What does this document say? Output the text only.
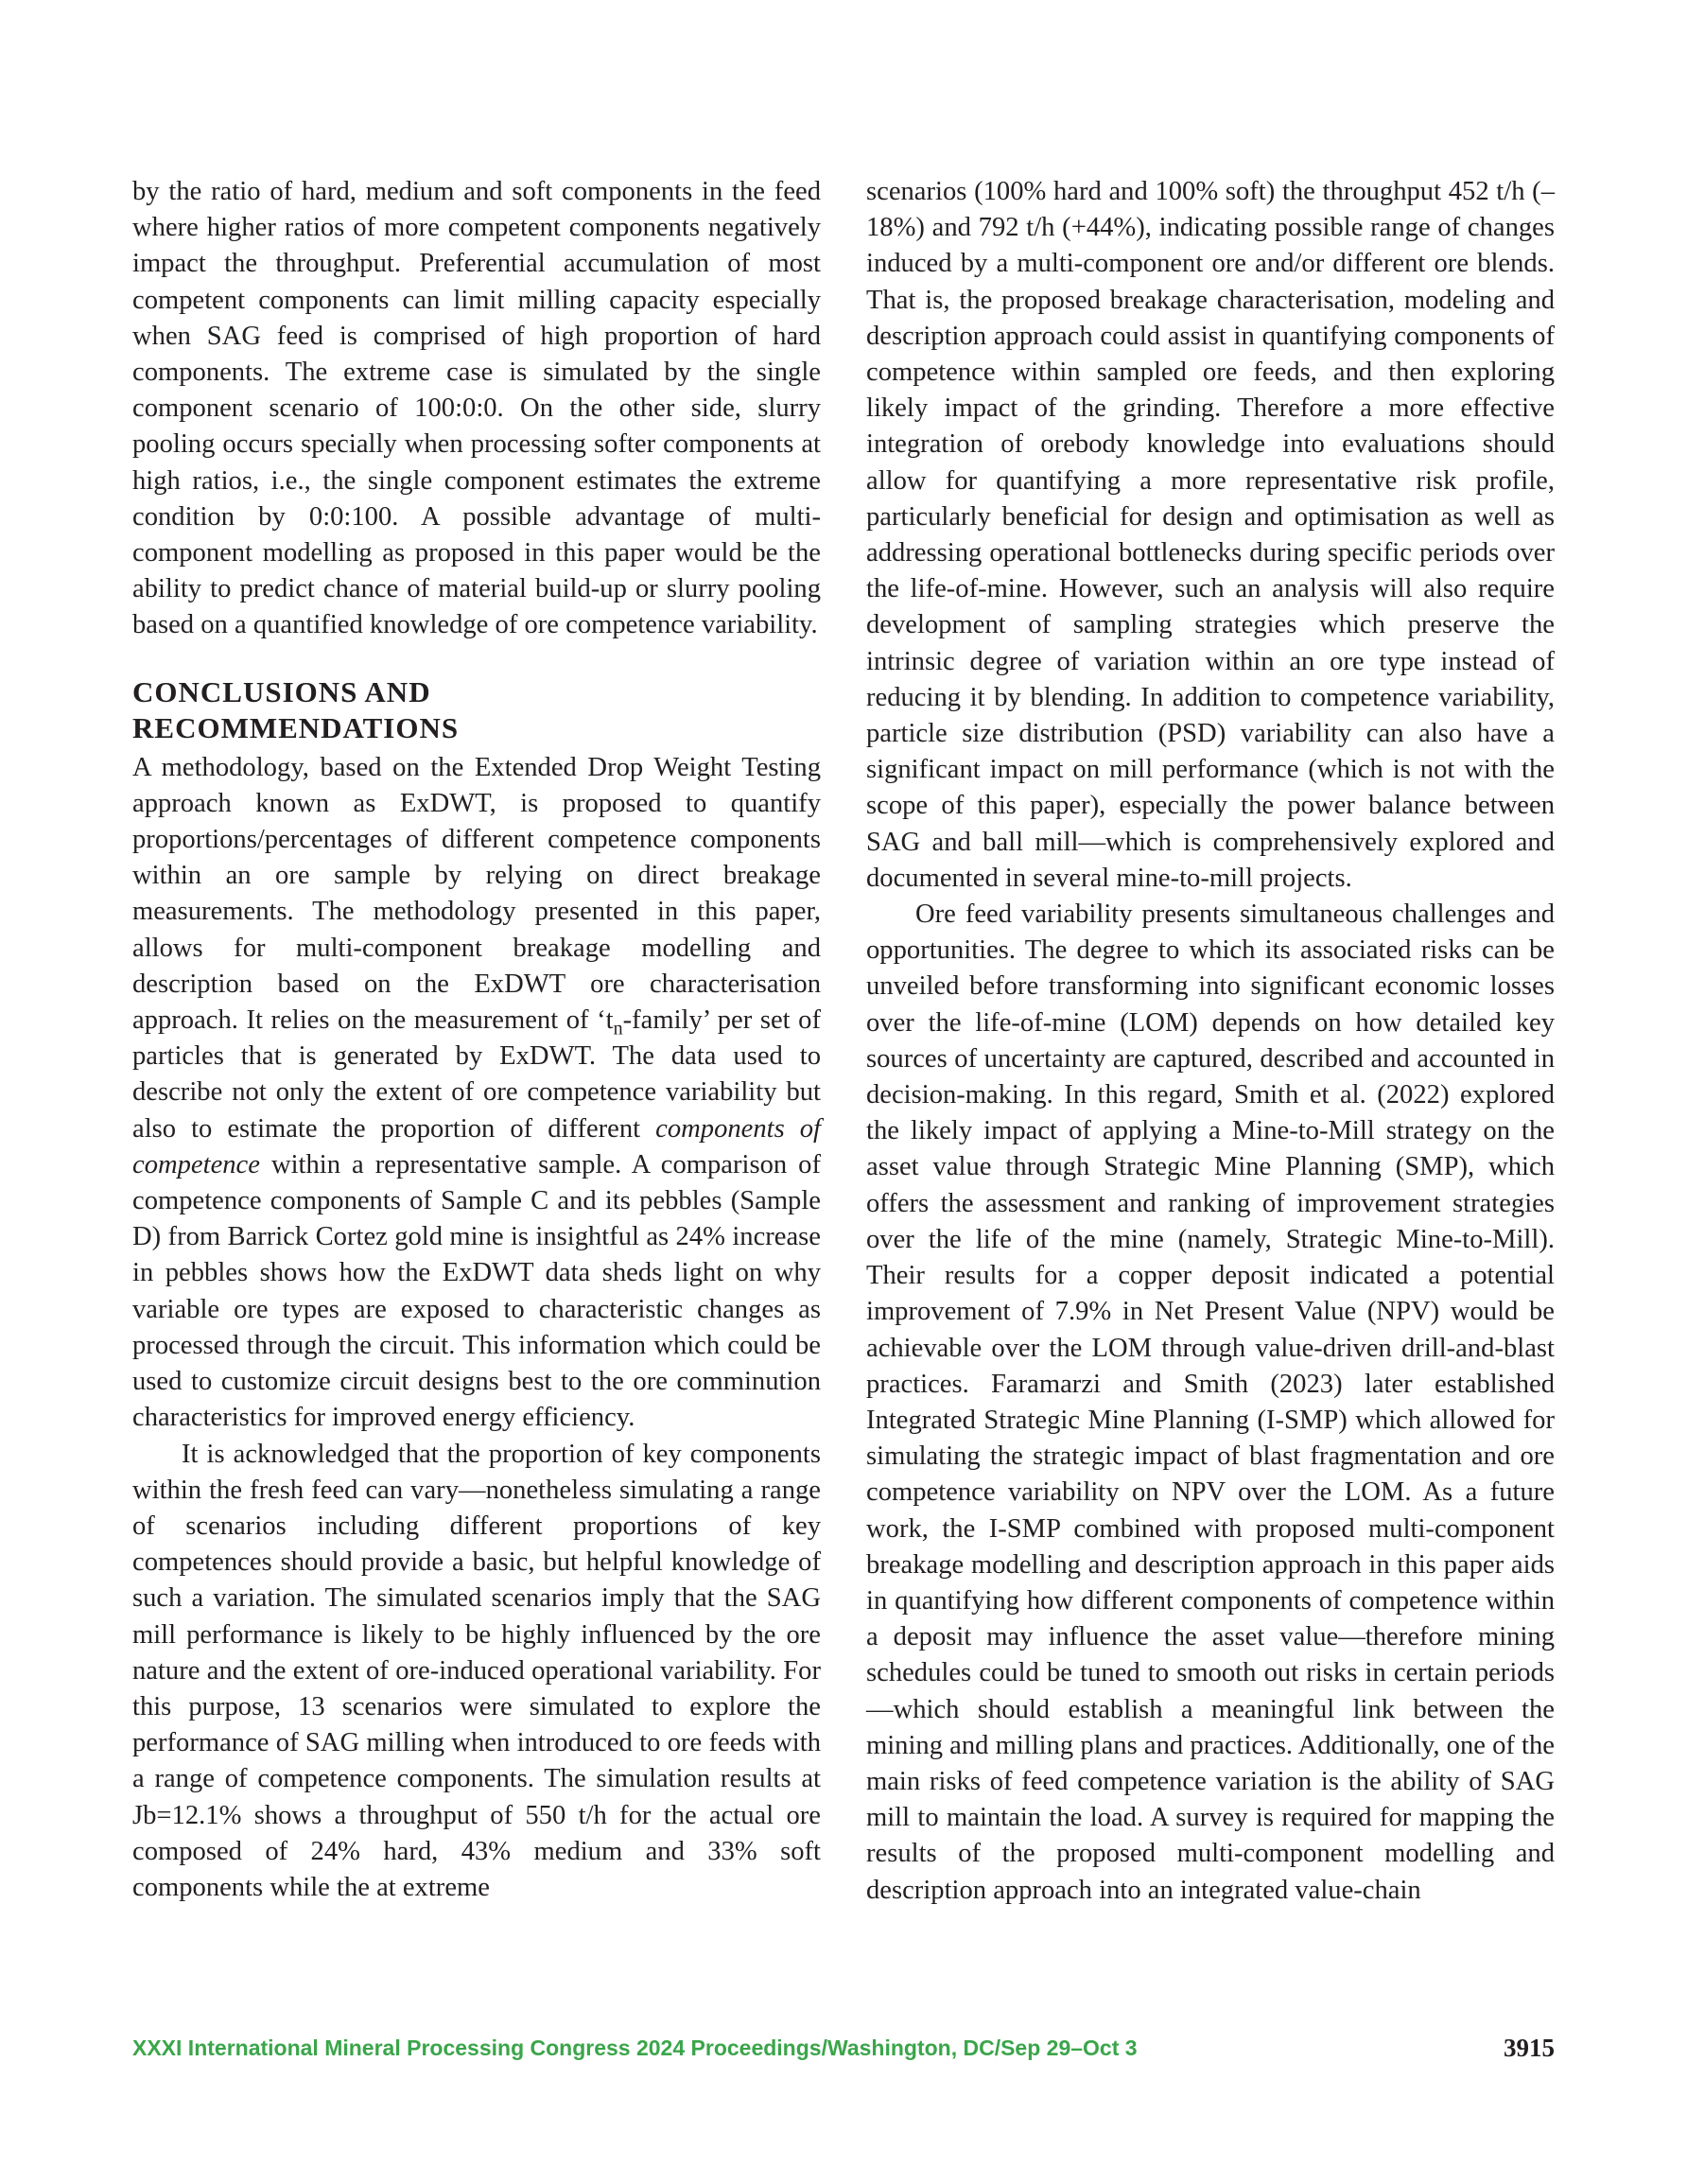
by the ratio of hard, medium and soft components in the feed where higher ratios of more competent components negatively impact the throughput. Preferential accumulation of most competent components can limit milling capacity especially when SAG feed is comprised of high proportion of hard components. The extreme case is simulated by the single component scenario of 100:0:0. On the other side, slurry pooling occurs specially when processing softer components at high ratios, i.e., the single component estimates the extreme condition by 0:0:100. A possible advantage of multi-component modelling as proposed in this paper would be the ability to predict chance of material build-up or slurry pooling based on a quantified knowledge of ore competence variability.

CONCLUSIONS AND
RECOMMENDATIONS

A methodology, based on the Extended Drop Weight Testing approach known as ExDWT, is proposed to quantify proportions/percentages of different competence components within an ore sample by relying on direct breakage measurements. The methodology presented in this paper, allows for multi-component breakage modelling and description based on the ExDWT ore characterisation approach. It relies on the measurement of ‘$t_n$-family’ per set of particles that is generated by ExDWT. The data used to describe not only the extent of ore competence variability but also to estimate the proportion of different components of competence within a representative sample. A comparison of competence components of Sample C and its pebbles (Sample D) from Barrick Cortez gold mine is insightful as 24% increase in pebbles shows how the ExDWT data sheds light on why variable ore types are exposed to characteristic changes as processed through the circuit. This information which could be used to customize circuit designs best to the ore comminution characteristics for improved energy efficiency.

It is acknowledged that the proportion of key components within the fresh feed can vary—nonetheless simulating a range of scenarios including different proportions of key competences should provide a basic, but helpful knowledge of such a variation. The simulated scenarios imply that the SAG mill performance is likely to be highly influenced by the ore nature and the extent of ore-induced operational variability. For this purpose, 13 scenarios were simulated to explore the performance of SAG milling when introduced to ore feeds with a range of competence components. The simulation results at Jb=12.1% shows a throughput of 550 t/h for the actual ore composed of 24% hard, 43% medium and 33% soft components while the at extreme

scenarios (100% hard and 100% soft) the throughput 452 t/h (–18%) and 792 t/h (+44%), indicating possible range of changes induced by a multi-component ore and/or different ore blends. That is, the proposed breakage characterisation, modeling and description approach could assist in quantifying components of competence within sampled ore feeds, and then exploring likely impact of the grinding. Therefore a more effective integration of orebody knowledge into evaluations should allow for quantifying a more representative risk profile, particularly beneficial for design and optimisation as well as addressing operational bottlenecks during specific periods over the life-of-mine. However, such an analysis will also require development of sampling strategies which preserve the intrinsic degree of variation within an ore type instead of reducing it by blending. In addition to competence variability, particle size distribution (PSD) variability can also have a significant impact on mill performance (which is not with the scope of this paper), especially the power balance between SAG and ball mill—which is comprehensively explored and documented in several mine-to-mill projects.

Ore feed variability presents simultaneous challenges and opportunities. The degree to which its associated risks can be unveiled before transforming into significant economic losses over the life-of-mine (LOM) depends on how detailed key sources of uncertainty are captured, described and accounted in decision-making. In this regard, Smith et al. (2022) explored the likely impact of applying a Mine-to-Mill strategy on the asset value through Strategic Mine Planning (SMP), which offers the assessment and ranking of improvement strategies over the life of the mine (namely, Strategic Mine-to-Mill). Their results for a copper deposit indicated a potential improvement of 7.9% in Net Present Value (NPV) would be achievable over the LOM through value-driven drill-and-blast practices. Faramarzi and Smith (2023) later established Integrated Strategic Mine Planning (I-SMP) which allowed for simulating the strategic impact of blast fragmentation and ore competence variability on NPV over the LOM. As a future work, the I-SMP combined with proposed multi-component breakage modelling and description approach in this paper aids in quantifying how different components of competence within a deposit may influence the asset value—therefore mining schedules could be tuned to smooth out risks in certain periods—which should establish a meaningful link between the mining and milling plans and practices. Additionally, one of the main risks of feed competence variation is the ability of SAG mill to maintain the load. A survey is required for mapping the results of the proposed multi-component modelling and description approach into an integrated value-chain

XXXI International Mineral Processing Congress 2024 Proceedings/Washington, DC/Sep 29–Oct 3	3915
